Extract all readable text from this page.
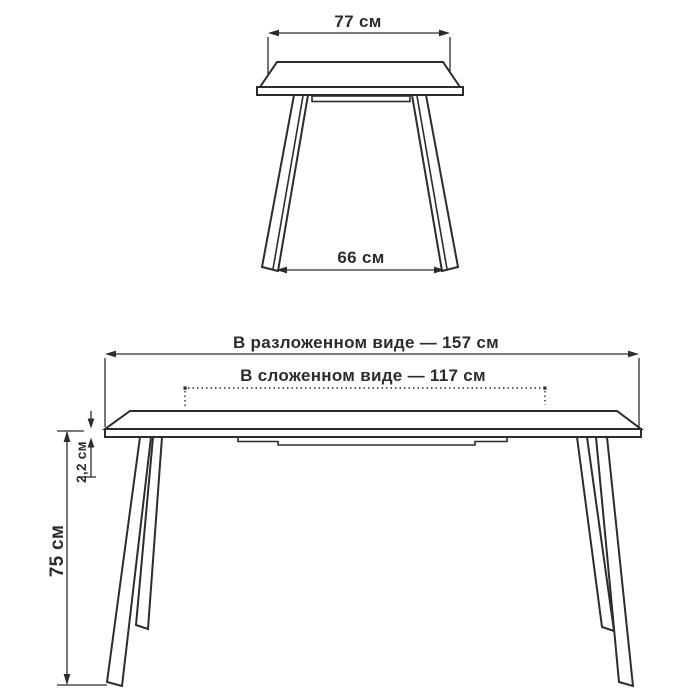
77 см
66 см
В разложенном виде — 157 см
В сложенном виде — 117 см
2,2 см
75 см
